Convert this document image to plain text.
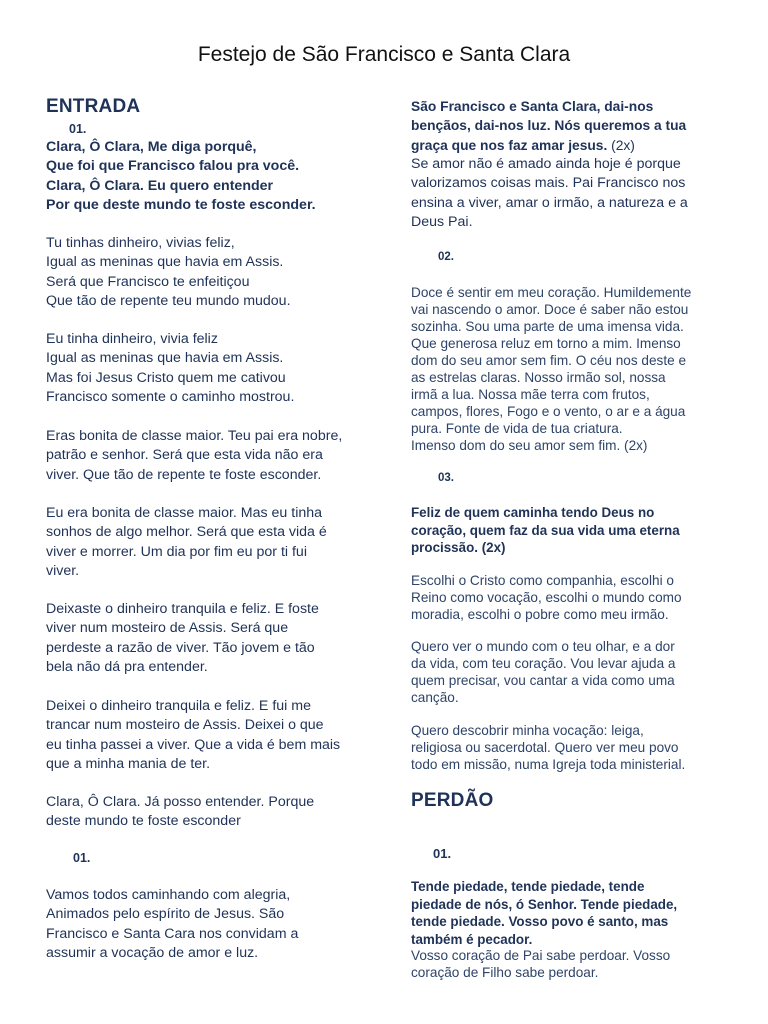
Festejo de São Francisco e Santa Clara
ENTRADA
01.
Clara, Ô Clara, Me diga porquê,
Que foi que Francisco falou pra você.
Clara, Ô Clara. Eu quero entender
Por que deste mundo te foste esconder.
Tu tinhas dinheiro, vivias feliz,
Igual as meninas que havia em Assis.
Será que Francisco te enfeitiçou
Que tão de repente teu mundo mudou.
Eu tinha dinheiro, vivia feliz
Igual as meninas que havia em Assis.
Mas foi Jesus Cristo quem me cativou
Francisco somente o caminho mostrou.
Eras bonita de classe maior. Teu pai era nobre,
patrão e senhor. Será que esta vida não era
viver. Que tão de repente te foste esconder.
Eu era bonita de classe maior. Mas eu tinha
sonhos de algo melhor. Será que esta vida é
viver e morrer. Um dia por fim eu por ti fui
viver.
Deixaste o dinheiro tranquila e feliz. E foste
viver num mosteiro de Assis. Será que
perdeste a razão de viver. Tão jovem e tão
bela não dá pra entender.
Deixei o dinheiro tranquila e feliz. E fui me
trancar num mosteiro de Assis. Deixei o que
eu tinha passei a viver. Que a vida é bem mais
que a minha mania de ter.
Clara, Ô Clara. Já posso entender. Porque
deste mundo te foste esconder
01.
Vamos todos caminhando com alegria,
Animados pelo espírito de Jesus. São
Francisco e Santa Cara nos convidam a
assumir a vocação de amor e luz.
São Francisco e Santa Clara, dai-nos
bençãos, dai-nos luz. Nós queremos a tua
graça que nos faz amar jesus. (2x)
Se amor não é amado ainda hoje é porque
valorizamos coisas mais. Pai Francisco nos
ensina a viver, amar o irmão, a natureza e a
Deus Pai.
02.
Doce é sentir em meu coração. Humildemente
vai nascendo o amor. Doce é saber não estou
sozinha. Sou uma parte de uma imensa vida.
Que generosa reluz em torno a mim. Imenso
dom do seu amor sem fim. O céu nos deste e
as estrelas claras. Nosso irmão sol, nossa
irmã a lua. Nossa mãe terra com frutos,
campos, flores, Fogo e o vento, o ar e a água
pura. Fonte de vida de tua criatura.
Imenso dom do seu amor sem fim. (2x)
03.
Feliz de quem caminha tendo Deus no
coração, quem faz da sua vida uma eterna
procissão. (2x)
Escolhi o Cristo como companhia, escolhi o
Reino como vocação, escolhi o mundo como
moradia, escolhi o pobre como meu irmão.
Quero ver o mundo com o teu olhar, e a dor
da vida, com teu coração. Vou levar ajuda a
quem precisar, vou cantar a vida como uma
canção.
Quero descobrir minha vocação: leiga,
religiosa ou sacerdotal. Quero ver meu povo
todo em missão, numa Igreja toda ministerial.
PERDÃO
01.
Tende piedade, tende piedade, tende
piedade de nós, ó Senhor. Tende piedade,
tende piedade. Vosso povo é santo, mas
também é pecador.
Vosso coração de Pai sabe perdoar. Vosso
coração de Filho sabe perdoar.
